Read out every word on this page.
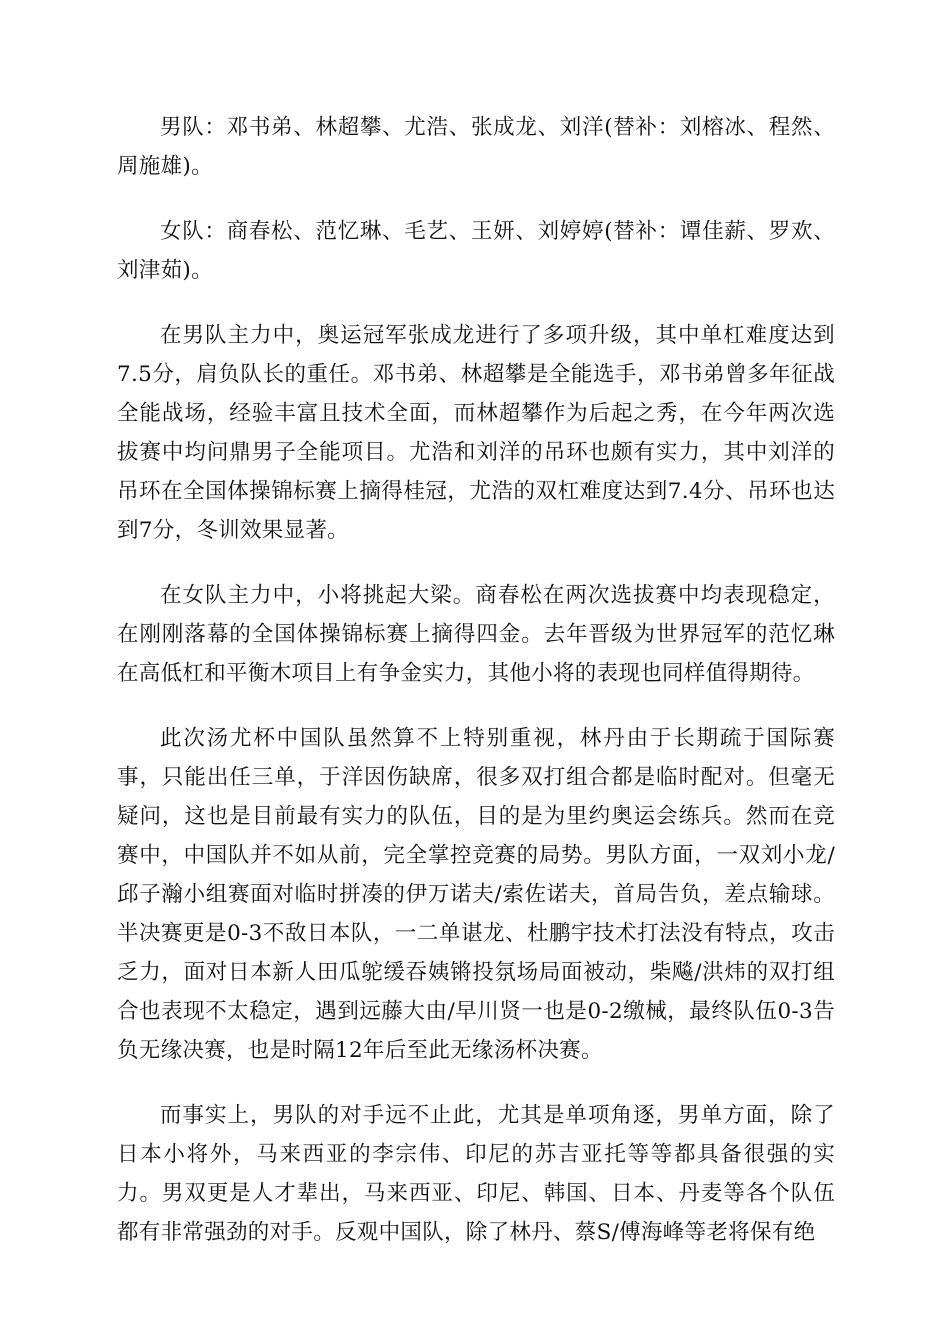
男队：邓书弟、林超攀、尤浩、张成龙、刘洋(替补：刘榕冰、程然、周施雄)。

女队：商春松、范忆琳、毛艺、王妍、刘婷婷(替补：谭佳薪、罗欢、刘津茹)。

在男队主力中，奥运冠军张成龙进行了多项升级，其中单杠难度达到7.5分，肩负队长的重任。邓书弟、林超攀是全能选手，邓书弟曾多年征战全能战场，经验丰富且技术全面，而林超攀作为后起之秀，在今年两次选拔赛中均问鼎男子全能项目。尤浩和刘洋的吊环也颇有实力，其中刘洋的吊环在全国体操锦标赛上摘得桂冠，尤浩的双杠难度达到7.4分、吊环也达到7分，冬训效果显著。

在女队主力中，小将挑起大梁。商春松在两次选拔赛中均表现稳定，在刚刚落幕的全国体操锦标赛上摘得四金。去年晋级为世界冠军的范忆琳在高低杠和平衡木项目上有争金实力，其他小将的表现也同样值得期待。

此次汤尤杯中国队虽然算不上特别重视，林丹由于长期疏于国际赛事，只能出任三单，于洋因伤缺席，很多双打组合都是临时配对。但毫无疑问，这也是目前最有实力的队伍，目的是为里约奥运会练兵。然而在竞赛中，中国队并不如从前，完全掌控竞赛的局势。男队方面，一双刘小龙/邱子瀚小组赛面对临时拼凑的伊万诺夫/索佐诺夫，首局告负，差点输球。半决赛更是0-3不敌日本队，一二单谌龙、杜鹏宇技术打法没有特点，攻击乏力，面对日本新人田瓜鸵缓吞姨锵投氛场局面被动，柴飚/洪炜的双打组合也表现不太稳定，遇到远藤大由/早川贤一也是0-2缴械，最终队伍0-3告负无缘决赛，也是时隔12年后至此无缘汤杯决赛。

而事实上，男队的对手远不止此，尤其是单项角逐，男单方面，除了日本小将外，马来西亚的李宗伟、印尼的苏吉亚托等等都具备很强的实力。男双更是人才辈出，马来西亚、印尼、韩国、日本、丹麦等各个队伍都有非常强劲的对手。反观中国队，除了林丹、蔡S/傅海峰等老将保有绝
